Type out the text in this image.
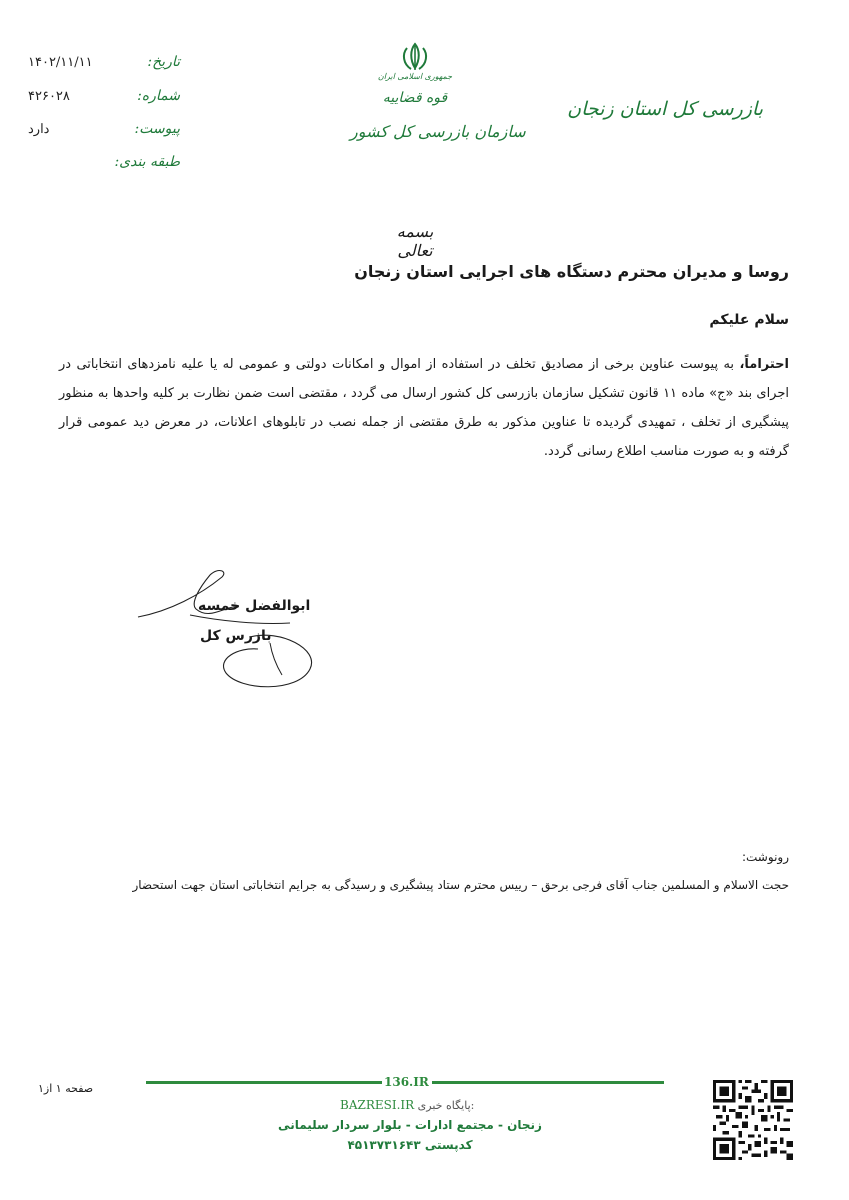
تاریخ:
۱۴۰۲/۱۱/۱۱
شماره:
۴۲۶۰۲۸
پیوست:
دارد
طبقه بندی:
جمهوری اسلامی ایران
قوه قضاییه
سازمان بازرسی کل کشور
بازرسی کل استان زنجان
بسمه تعالی
روسا و مدیران محترم دستگاه های اجرایی استان زنجان
سلام علیکم
احتراماً، به پیوست عناوین برخی از مصادیق تخلف در استفاده از اموال و امکانات دولتی و عمومی له یا علیه نامزدهای انتخاباتی در اجرای بند «ج» ماده ۱۱ قانون تشکیل سازمان بازرسی کل کشور ارسال می گردد ، مقتضی است ضمن نظارت بر کلیه واحدها به منظور پیشگیری از تخلف ، تمهیدی گردیده تا عناوین مذکور به طرق مقتضی از جمله نصب در تابلوهای اعلانات، در معرض دید عمومی قرار گرفته و به صورت مناسب اطلاع رسانی گردد.
ابوالفضل خمسه
بازرس کل
رونوشت:
حجت الاسلام و المسلمین جناب آقای فرجی برحق – رییس محترم ستاد پیشگیری و رسیدگی به جرایم انتخاباتی استان جهت استحضار
صفحه ۱ از۱	136.IR
BAZRESI.IR پایگاه خبری:
زنجان - مجتمع ادارات - بلوار سردار سلیمانی
کدپستی ۴۵۱۳۷۳۱۶۴۳
